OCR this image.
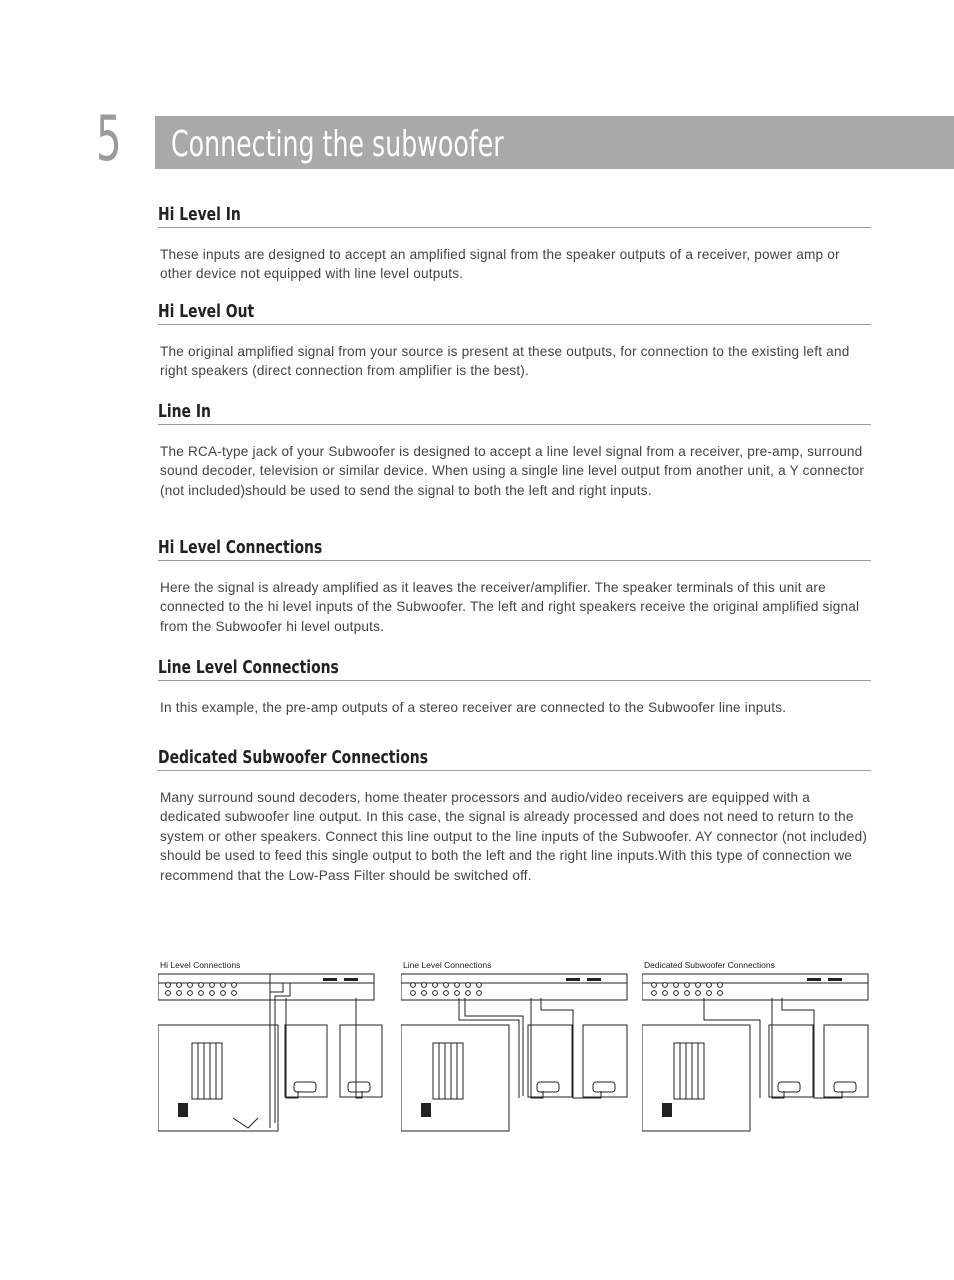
5 Connecting the subwoofer
Hi Level In

These inputs are designed to accept an amplified signal from the speaker outputs of a receiver, power amp or other device not equipped with line level outputs.

Hi Level Out

The original amplified signal from your source is present at these outputs, for connection to the existing left and right speakers (direct connection from amplifier is the best).

Line In

The RCA-type jack of your Subwoofer is designed to accept a line level signal from a receiver, pre-amp, surround sound decoder, television or similar device. When using a single line level output from another unit, a Y connector (not included)should be used to send the signal to both the left and right inputs.

Hi Level Connections

Here the signal is already amplified as it leaves the receiver/amplifier. The speaker terminals of this unit are connected to the hi level inputs of the Subwoofer. The left and right speakers receive the original amplified signal from the Subwoofer hi level outputs.

Line Level Connections

In this example, the pre-amp outputs of a stereo receiver are connected to the Subwoofer line inputs.

Dedicated Subwoofer Connections

Many surround sound decoders, home theater processors and audio/video receivers are equipped with a dedicated subwoofer line output. In this case, the signal is already processed and does not need to return to the system or other speakers. Connect this line output to the line inputs of the Subwoofer. AY connector (not included) should be used to feed this single output to both the left and the right line inputs.With this type of connection we recommend that the Low-Pass Filter should be switched off.

Hi Level Connections	Line Level Connections	Dedicated Subwoofer Connections
